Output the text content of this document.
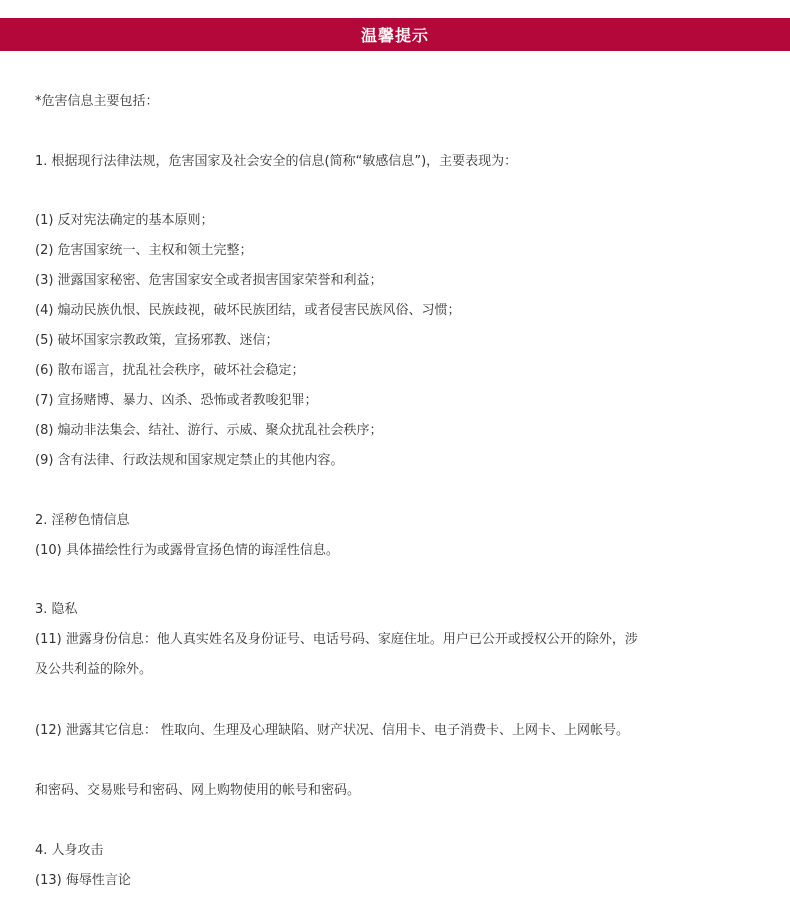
温馨提示
*危害信息主要包括：
1. 根据现行法律法规，危害国家及社会安全的信息(简称“敏感信息”)，主要表现为：
(1) 反对宪法确定的基本原则；
(2) 危害国家统一、主权和领土完整；
(3) 泄露国家秘密、危害国家安全或者损害国家荣誉和利益；
(4) 煽动民族仇恨、民族歧视，破坏民族团结，或者侵害民族风俗、习惯；
(5) 破坏国家宗教政策，宣扬邪教、迷信；
(6) 散布谣言，扰乱社会秩序，破坏社会稳定；
(7) 宣扬赌博、暴力、凶杀、恐怖或者教唆犯罪；
(8) 煽动非法集会、结社、游行、示威、聚众扰乱社会秩序；
(9) 含有法律、行政法规和国家规定禁止的其他内容。
2. 淫秽色情信息
(10) 具体描绘性行为或露骨宣扬色情的诲淫性信息。
3. 隐私
(11) 泄露身份信息：他人真实姓名及身份证号、电话号码、家庭住址。用户已公开或授权公开的除外，涉
及公共利益的除外。
(12) 泄露其它信息： 性取向、生理及心理缺陷、财产状况、信用卡、电子消费卡、上网卡、上网帐号。
和密码、交易账号和密码、网上购物使用的帐号和密码。
4. 人身攻击
(13) 侮辱性言论
